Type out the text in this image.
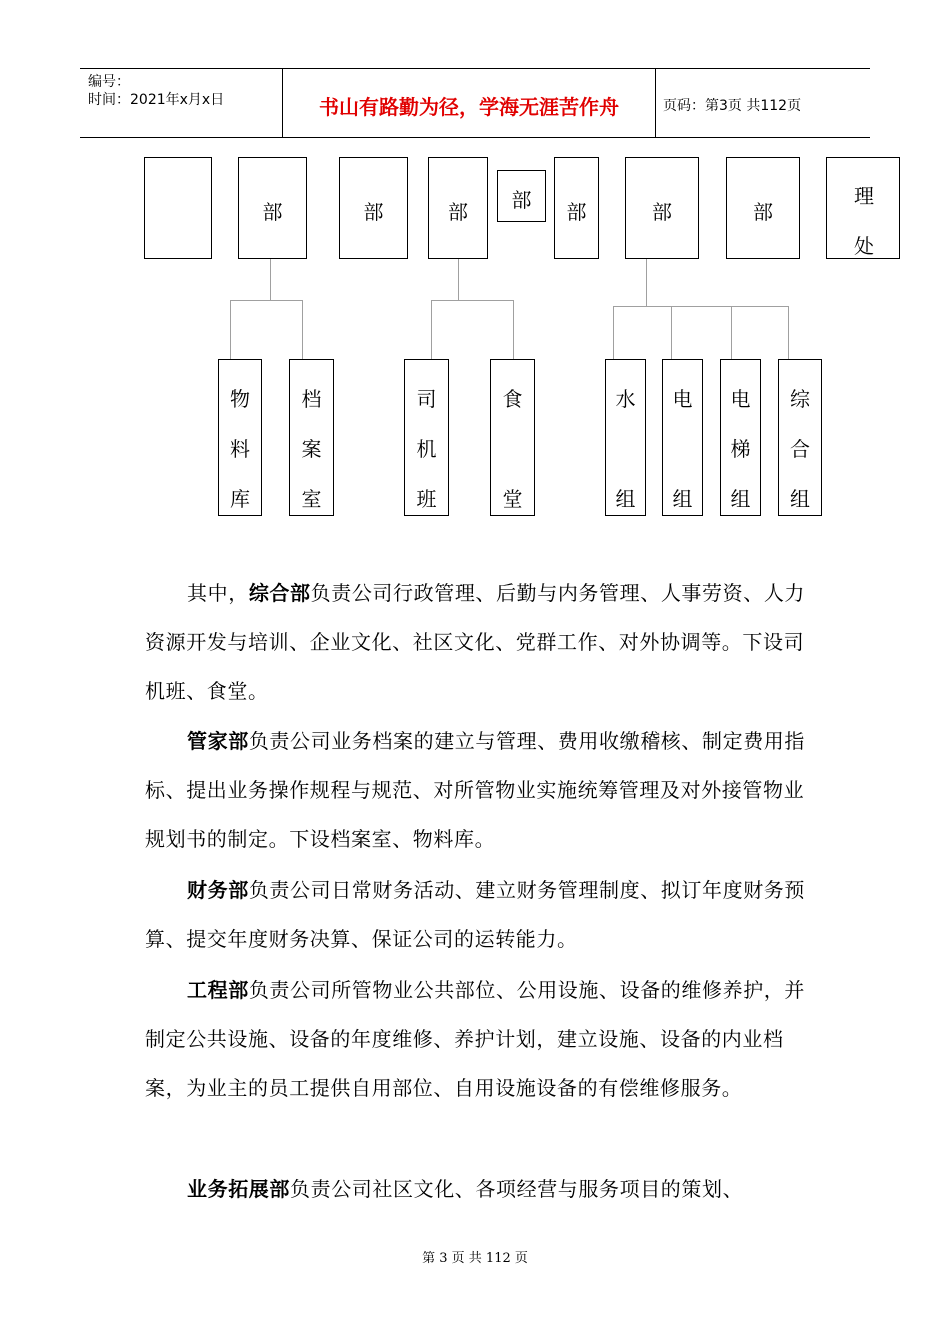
编号：
时间：2021年x月x日	书山有路勤为径，学海无涯苦作舟	页码：第3页 共112页
部	部	部	部	部	部	部
理处
物
料
库
档
案
室
司
机
班
食
堂
水
组
电
组
电
梯
组
综
合
组
其中，综合部负责公司行政管理、后勤与内务管理、人事劳资、人力资源开发与培训、企业文化、社区文化、党群工作、对外协调等。下设司机班、食堂。
管家部负责公司业务档案的建立与管理、费用收缴稽核、制定费用指标、提出业务操作规程与规范、对所管物业实施统筹管理及对外接管物业规划书的制定。下设档案室、物料库。
财务部负责公司日常财务活动、建立财务管理制度、拟订年度财务预算、提交年度财务决算、保证公司的运转能力。
工程部负责公司所管物业公共部位、公用设施、设备的维修养护，并制定公共设施、设备的年度维修、养护计划，建立设施、设备的内业档案，为业主的员工提供自用部位、自用设施设备的有偿维修服务。
业务拓展部负责公司社区文化、各项经营与服务项目的策划、
第 3 页 共 112 页
